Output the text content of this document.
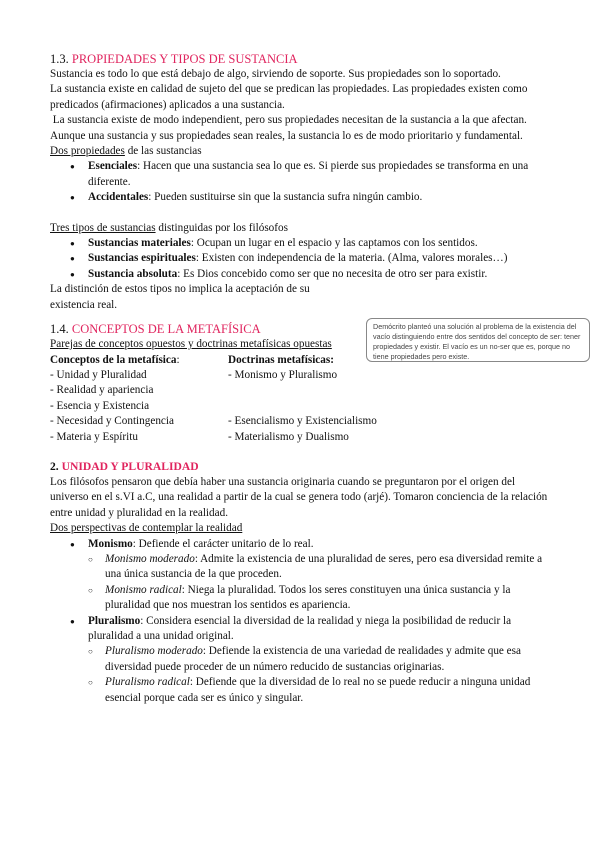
1.3. PROPIEDADES Y TIPOS DE SUSTANCIA

Sustancia es todo lo que está debajo de algo, sirviendo de soporte. Sus propiedades son lo soportado.

La sustancia existe en calidad de sujeto del que se predican las propiedades. Las propiedades existen como predicados (afirmaciones) aplicados a una sustancia.

La sustancia existe de modo independient, pero sus propiedades necesitan de la sustancia a la que afectan. Aunque una sustancia y sus propiedades sean reales, la sustancia lo es de modo prioritario y fundamental.

Dos propiedades de las sustancias

● Esenciales: Hacen que una sustancia sea lo que es. Si pierde sus propiedades se transforma en una diferente.
● Accidentales: Pueden sustituirse sin que la sustancia sufra ningún cambio.

Tres tipos de sustancias distinguidas por los filósofos

● Sustancias materiales: Ocupan un lugar en el espacio y las captamos con los sentidos.
● Sustancias espirituales: Existen con independencia de la materia. (Alma, valores morales…)
● Sustancia absoluta: Es Dios concebido como ser que no necesita de otro ser para existir.

La distinción de estos tipos no implica la aceptación de su existencia real.

1.4. CONCEPTOS DE LA METAFÍSICA

Parejas de conceptos opuestos y doctrinas metafísicas opuestas

Conceptos de la metafísica:	Doctrinas metafísicas:
- Unidad y Pluralidad	- Monismo y Pluralismo
- Realidad y apariencia	
- Esencia y Existencia	
- Necesidad y Contingencia	- Esencialismo y Existencialismo
- Materia y Espíritu	- Materialismo y Dualismo
2. UNIDAD Y PLURALIDAD

Los filósofos pensaron que debía haber una sustancia originaria cuando se preguntaron por el origen del universo en el s.VI a.C, una realidad a partir de la cual se genera todo (arjé). Tomaron conciencia de la relación entre unidad y pluralidad en la realidad.

Dos perspectivas de contemplar la realidad

● Monismo: Defiende el carácter unitario de lo real.
○ Monismo moderado: Admite la existencia de una pluralidad de seres, pero esa diversidad remite a una única sustancia de la que proceden.
○ Monismo radical: Niega la pluralidad. Todos los seres constituyen una única sustancia y la pluralidad que nos muestran los sentidos es apariencia.
● Pluralismo: Considera esencial la diversidad de la realidad y niega la posibilidad de reducir la pluralidad a una unidad original.
○ Pluralismo moderado: Defiende la existencia de una variedad de realidades y admite que esa diversidad puede proceder de un número reducido de sustancias originarias.
○ Pluralismo radical: Defiende que la diversidad de lo real no se puede reducir a ninguna unidad esencial porque cada ser es único y singular.
Demócrito planteó una solución al problema de la existencia del vacío distinguiendo entre dos sentidos del concepto de ser: tener propiedades y existir. El vacío es un no-ser que es, porque no tiene propiedades pero existe.
